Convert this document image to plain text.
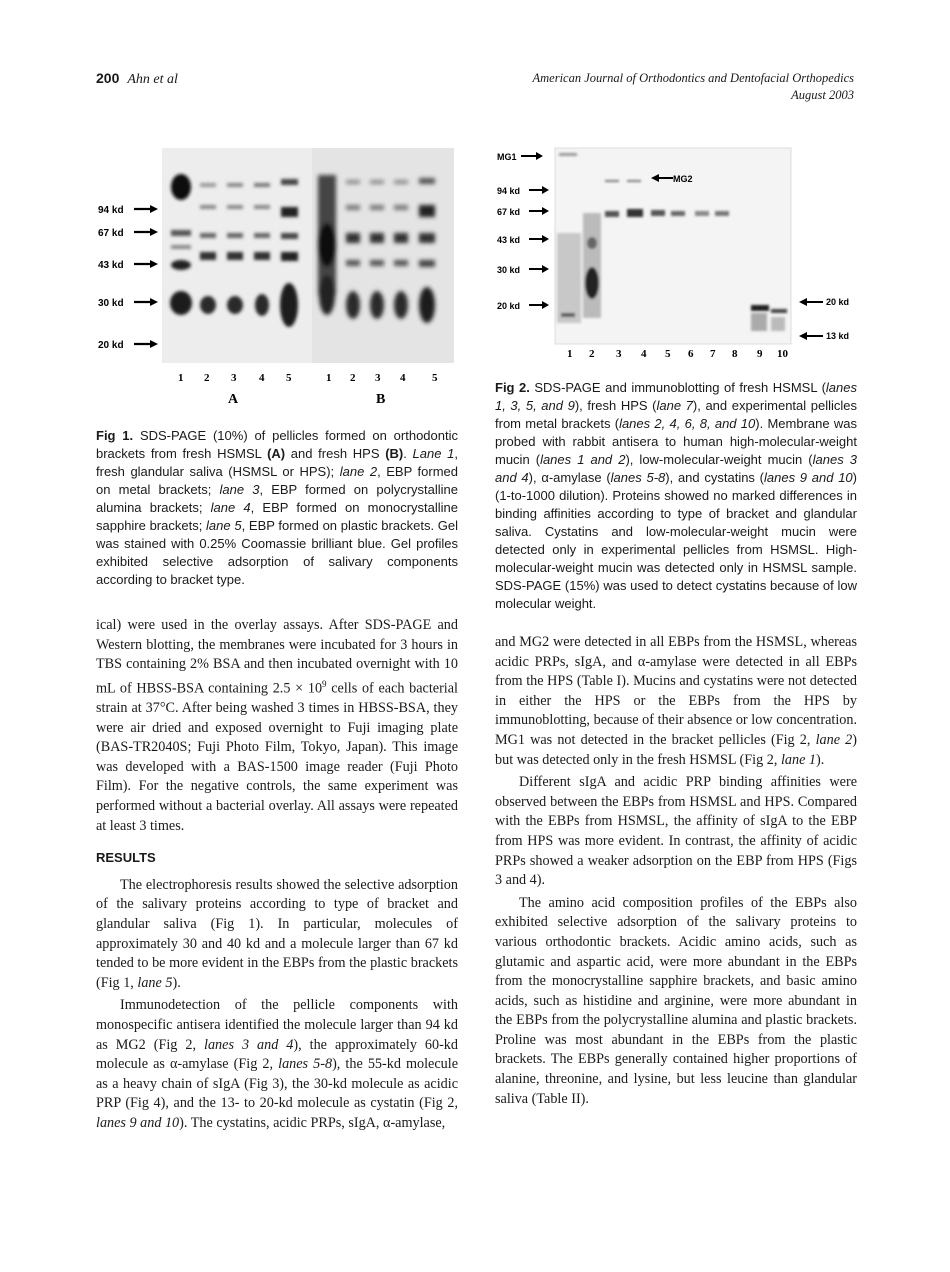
200 Ahn et al	American Journal of Orthodontics and Dentofacial Orthopedics
August 2003
94 kd
67 kd
43 kd
30 kd
20 kd
1 2 3 4 5	1 2 3 4 5
A	B
Fig 1. SDS-PAGE (10%) of pellicles formed on orthodontic brackets from fresh HSMSL (A) and fresh HPS (B). Lane 1, fresh glandular saliva (HSMSL or HPS); lane 2, EBP formed on metal brackets; lane 3, EBP formed on polycrystalline alumina brackets; lane 4, EBP formed on monocrystalline sapphire brackets; lane 5, EBP formed on plastic brackets. Gel was stained with 0.25% Coomassie brilliant blue. Gel profiles exhibited selective adsorption of salivary components according to bracket type.

ical) were used in the overlay assays. After SDS-PAGE and Western blotting, the membranes were incubated for 3 hours in TBS containing 2% BSA and then incubated overnight with 10 mL of HBSS-BSA containing $2.5 \times 10^9$ cells of each bacterial strain at 37°C. After being washed 3 times in HBSS-BSA, they were air dried and exposed overnight to Fuji imaging plate (BAS-TR2040S; Fuji Photo Film, Tokyo, Japan). This image was developed with a BAS-1500 image reader (Fuji Photo Film). For the negative controls, the same experiment was performed without a bacterial overlay. All assays were repeated at least 3 times.

RESULTS

The electrophoresis results showed the selective adsorption of the salivary proteins according to type of bracket and glandular saliva (Fig 1). In particular, molecules of approximately 30 and 40 kd and a molecule larger than 67 kd tended to be more evident in the EBPs from the plastic brackets (Fig 1, lane 5).

Immunodetection of the pellicle components with monospecific antisera identified the molecule larger than 94 kd as MG2 (Fig 2, lanes 3 and 4), the approximately 60-kd molecule as α-amylase (Fig 2, lanes 5-8), the 55-kd molecule as a heavy chain of sIgA (Fig 3), the 30-kd molecule as acidic PRP (Fig 4), and the 13- to 20-kd molecule as cystatin (Fig 2, lanes 9 and 10). The cystatins, acidic PRPs, sIgA, α-amylase,

MG1
94 kd
67 kd
43 kd
30 kd
20 kd
MG2
20 kd
13 kd
1 2 3 4 5 6 7 8 9 10
Fig 2. SDS-PAGE and immunoblotting of fresh HSMSL (lanes 1, 3, 5, and 9), fresh HPS (lane 7), and experimental pellicles from metal brackets (lanes 2, 4, 6, 8, and 10). Membrane was probed with rabbit antisera to human high-molecular-weight mucin (lanes 1 and 2), low-molecular-weight mucin (lanes 3 and 4), α-amylase (lanes 5-8), and cystatins (lanes 9 and 10) (1-to-1000 dilution). Proteins showed no marked differences in binding affinities according to type of bracket and glandular saliva. Cystatins and low-molecular-weight mucin were detected only in experimental pellicles from HSMSL. High-molecular-weight mucin was detected only in HSMSL sample. SDS-PAGE (15%) was used to detect cystatins because of low molecular weight.

and MG2 were detected in all EBPs from the HSMSL, whereas acidic PRPs, sIgA, and α-amylase were detected in all EBPs from the HPS (Table I). Mucins and cystatins were not detected in either the HPS or the EBPs from the HPS by immunoblotting, because of their absence or low concentration. MG1 was not detected in the bracket pellicles (Fig 2, lane 2) but was detected only in the fresh HSMSL (Fig 2, lane 1).

Different sIgA and acidic PRP binding affinities were observed between the EBPs from HSMSL and HPS. Compared with the EBPs from HSMSL, the affinity of sIgA to the EBP from HPS was more evident. In contrast, the affinity of acidic PRPs showed a weaker adsorption on the EBP from HPS (Figs 3 and 4).

The amino acid composition profiles of the EBPs also exhibited selective adsorption of the salivary proteins to various orthodontic brackets. Acidic amino acids, such as glutamic and aspartic acid, were more abundant in the EBPs from the monocrystalline sapphire brackets, and basic amino acids, such as histidine and arginine, were more abundant in the EBPs from the polycrystalline alumina and plastic brackets. Proline was most abundant in the EBPs from the plastic brackets. The EBPs generally contained higher proportions of alanine, threonine, and lysine, but less leucine than glandular saliva (Table II).
